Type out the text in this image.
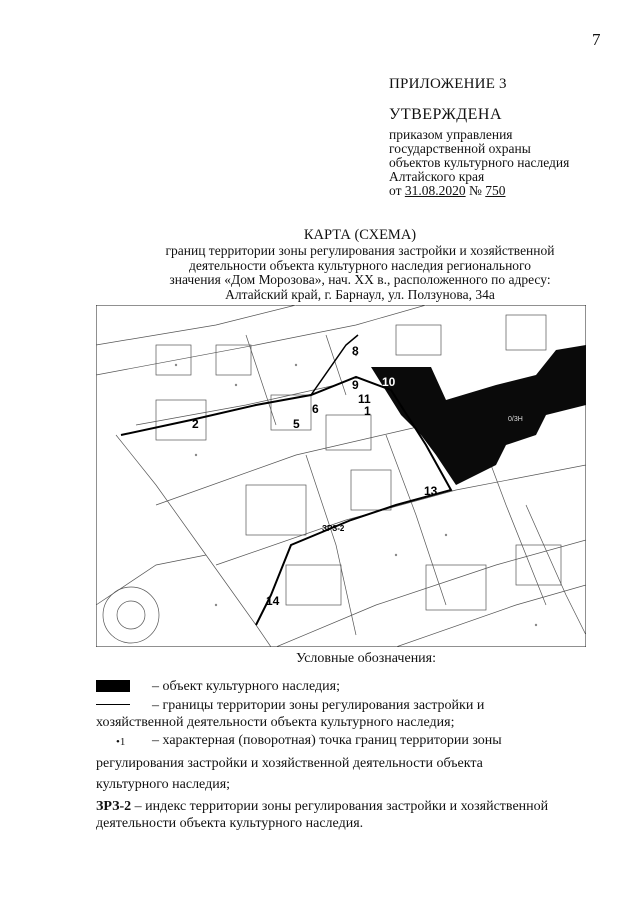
7
ПРИЛОЖЕНИЕ 3
УТВЕРЖДЕНА
приказом управления
государственной охраны
объектов культурного наследия
Алтайского края
от 31.08.2020 № 750
КАРТА (СХЕМА)
границ территории зоны регулирования застройки и хозяйственной
деятельности объекта культурного наследия регионального
значения «Дом Морозова», нач. XX в., расположенного по адресу:
Алтайский край, г. Барнаул, ул. Ползунова, 34а
0/3Н
2	5
6
8
9 10
11
1
13
14
ЗРЗ-2
Условные обозначения:
– объект культурного наследия;
– границы территории зоны регулирования застройки и
хозяйственной деятельности объекта культурного наследия;
•1 – характерная (поворотная) точка границ территории зоны
регулирования застройки и хозяйственной деятельности объекта
культурного наследия;
ЗРЗ-2 – индекс территории зоны регулирования застройки и хозяйственной
деятельности объекта культурного наследия.
